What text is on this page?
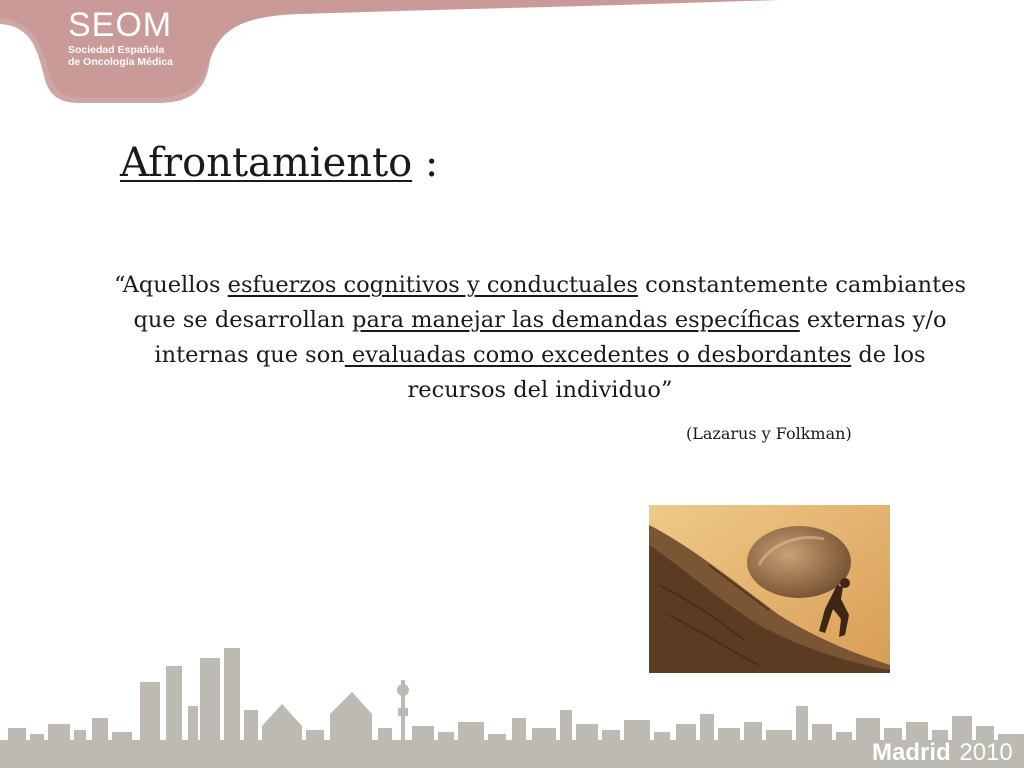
SEOM
Sociedad Española
de Oncología Médica
Afrontamiento :
“Aquellos esfuerzos cognitivos y conductuales constantemente cambiantes que se desarrollan para manejar las demandas específicas externas y/o internas que son evaluadas como excedentes o desbordantes de los recursos del individuo”
(Lazarus y Folkman)
Madrid 2010
